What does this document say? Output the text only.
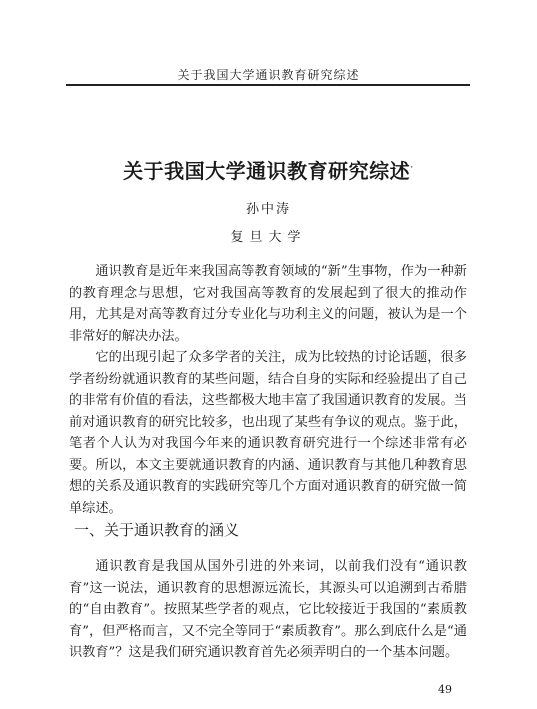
关于我国大学通识教育研究综述
关于我国大学通识教育研究综述·
孙中涛
复旦大学

通识教育是近年来我国高等教育领域的“新”生事物，作为一种新的教育理念与思想，它对我国高等教育的发展起到了很大的推动作用，尤其是对高等教育过分专业化与功利主义的问题，被认为是一个非常好的解决办法。

它的出现引起了众多学者的关注，成为比较热的讨论话题，很多学者纷纷就通识教育的某些问题，结合自身的实际和经验提出了自己的非常有价值的看法，这些都极大地丰富了我国通识教育的发展。当前对通识教育的研究比较多，也出现了某些有争议的观点。鉴于此，笔者个人认为对我国今年来的通识教育研究进行一个综述非常有必要。所以，本文主要就通识教育的内涵、通识教育与其他几种教育思想的关系及通识教育的实践研究等几个方面对通识教育的研究做一简单综述。

一、关于通识教育的涵义

通识教育是我国从国外引进的外来词，以前我们没有“通识教育”这一说法，通识教育的思想源远流长，其源头可以追溯到古希腊的“自由教育”。按照某些学者的观点，它比较接近于我国的“素质教育”，但严格而言，又不完全等同于“素质教育”。那么到底什么是“通识教育”？这是我们研究通识教育首先必须弄明白的一个基本问题。

49
